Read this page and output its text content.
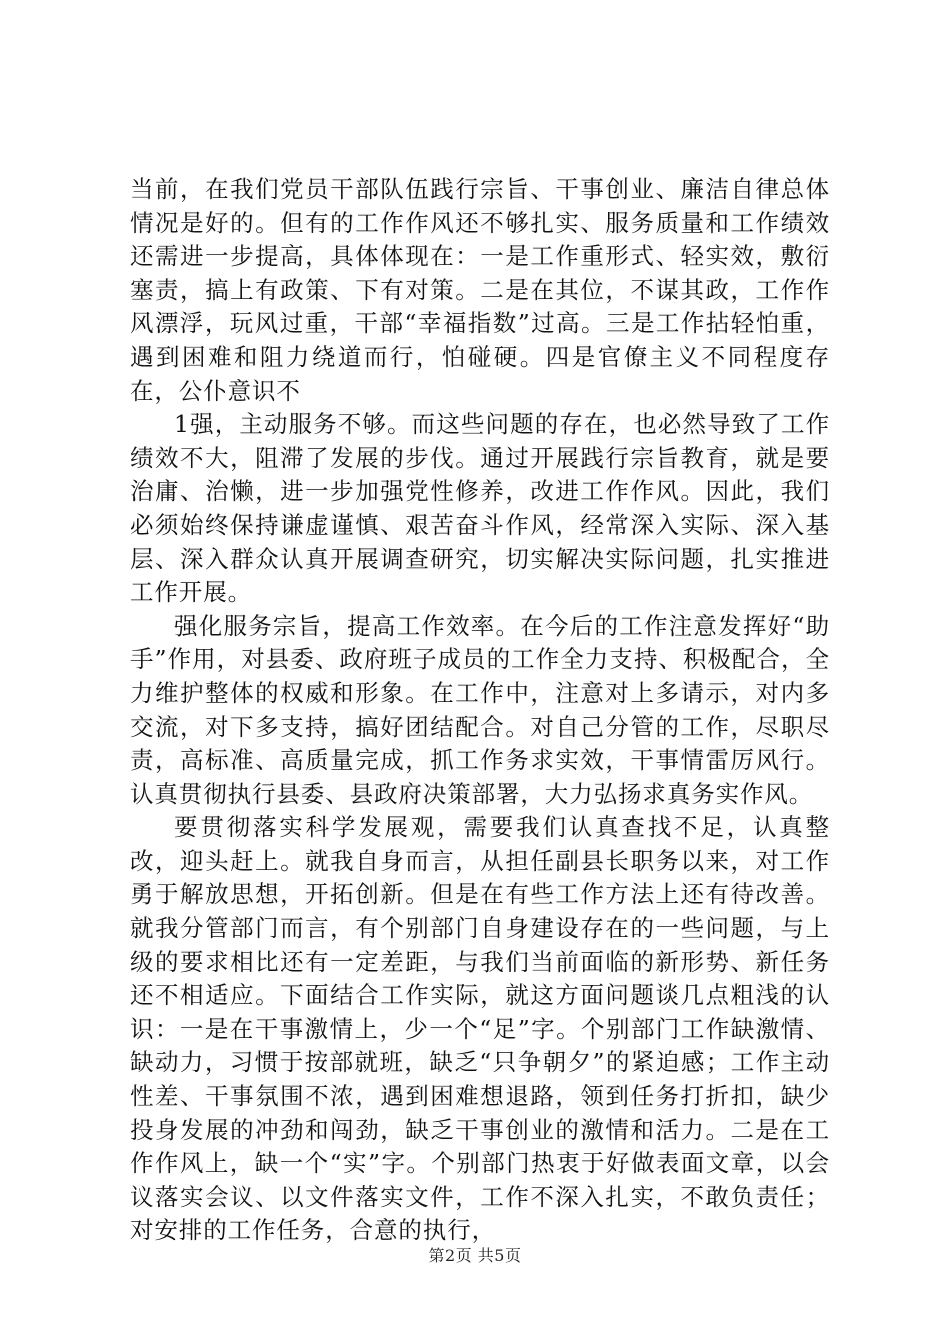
当前，在我们党员干部队伍践行宗旨、干事创业、廉洁自律总体情况是好的。但有的工作作风还不够扎实、服务质量和工作绩效还需进一步提高，具体体现在：一是工作重形式、轻实效，敷衍塞责，搞上有政策、下有对策。二是在其位，不谋其政，工作作风漂浮，玩风过重，干部“幸福指数”过高。三是工作拈轻怕重，遇到困难和阻力绕道而行，怕碰硬。四是官僚主义不同程度存在，公仆意识不

1强，主动服务不够。而这些问题的存在，也必然导致了工作绩效不大，阻滞了发展的步伐。通过开展践行宗旨教育，就是要治庸、治懒，进一步加强党性修养，改进工作作风。因此，我们必须始终保持谦虚谨慎、艰苦奋斗作风，经常深入实际、深入基层、深入群众认真开展调查研究，切实解决实际问题，扎实推进工作开展。

强化服务宗旨，提高工作效率。在今后的工作注意发挥好“助手”作用，对县委、政府班子成员的工作全力支持、积极配合，全力维护整体的权威和形象。在工作中，注意对上多请示，对内多交流，对下多支持，搞好团结配合。对自己分管的工作，尽职尽责，高标准、高质量完成，抓工作务求实效，干事情雷厉风行。认真贯彻执行县委、县政府决策部署，大力弘扬求真务实作风。

要贯彻落实科学发展观，需要我们认真查找不足，认真整改，迎头赶上。就我自身而言，从担任副县长职务以来，对工作勇于解放思想，开拓创新。但是在有些工作方法上还有待改善。就我分管部门而言，有个别部门自身建设存在的一些问题，与上级的要求相比还有一定差距，与我们当前面临的新形势、新任务还不相适应。下面结合工作实际，就这方面问题谈几点粗浅的认识：一是在干事激情上，少一个“足”字。个别部门工作缺激情、缺动力，习惯于按部就班，缺乏“只争朝夕”的紧迫感；工作主动性差、干事氛围不浓，遇到困难想退路，领到任务打折扣，缺少投身发展的冲劲和闯劲，缺乏干事创业的激情和活力。二是在工作作风上，缺一个“实”字。个别部门热衷于好做表面文章，以会议落实会议、以文件落实文件，工作不深入扎实，不敢负责任；对安排的工作任务，合意的执行，

第2页 共5页
